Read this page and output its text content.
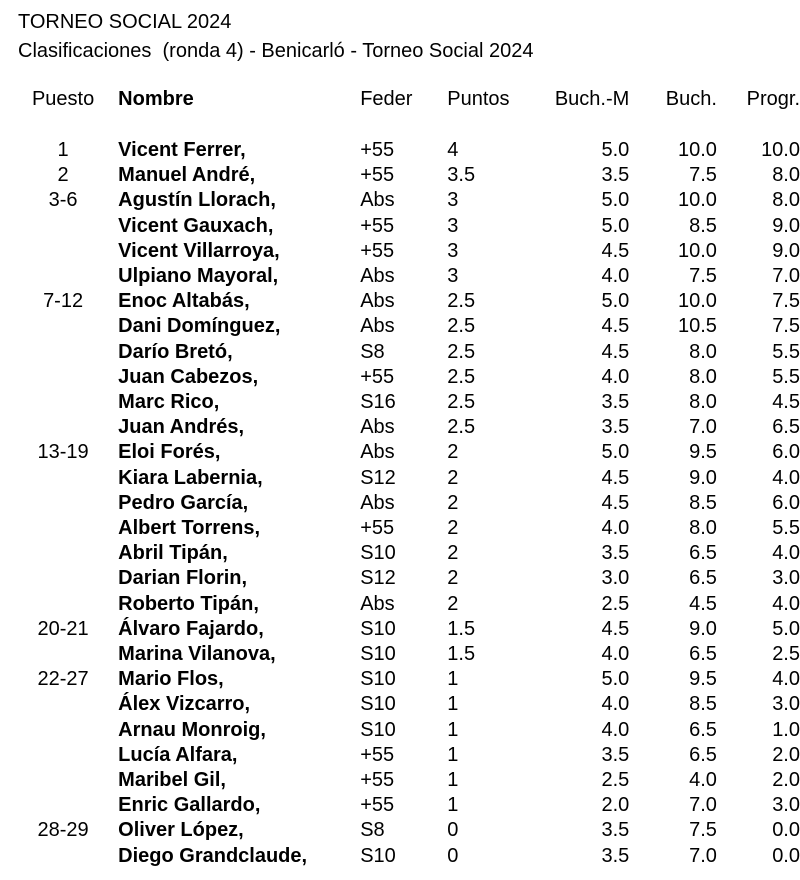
TORNEO SOCIAL 2024
Clasificaciones  (ronda 4) - Benicarló - Torneo Social 2024
Puesto	Nombre	Feder	Puntos	Buch.-M	Buch.	Progr.

1	Vicent Ferrer,	+55	4	5.0	10.0	10.0
2	Manuel André,	+55	3.5	3.5	7.5	8.0
3-6	Agustín Llorach,	Abs	3	5.0	10.0	8.0
	Vicent Gauxach,	+55	3	5.0	8.5	9.0
	Vicent Villarroya,	+55	3	4.5	10.0	9.0
	Ulpiano Mayoral,	Abs	3	4.0	7.5	7.0
7-12	Enoc Altabás,	Abs	2.5	5.0	10.0	7.5
	Dani Domínguez,	Abs	2.5	4.5	10.5	7.5
	Darío Bretó,	S8	2.5	4.5	8.0	5.5
	Juan Cabezos,	+55	2.5	4.0	8.0	5.5
	Marc Rico,	S16	2.5	3.5	8.0	4.5
	Juan Andrés,	Abs	2.5	3.5	7.0	6.5
13-19	Eloi Forés,	Abs	2	5.0	9.5	6.0
	Kiara Labernia,	S12	2	4.5	9.0	4.0
	Pedro García,	Abs	2	4.5	8.5	6.0
	Albert Torrens,	+55	2	4.0	8.0	5.5
	Abril Tipán,	S10	2	3.5	6.5	4.0
	Darian Florin,	S12	2	3.0	6.5	3.0
	Roberto Tipán,	Abs	2	2.5	4.5	4.0
20-21	Álvaro Fajardo,	S10	1.5	4.5	9.0	5.0
	Marina Vilanova,	S10	1.5	4.0	6.5	2.5
22-27	Mario Flos,	S10	1	5.0	9.5	4.0
	Álex Vizcarro,	S10	1	4.0	8.5	3.0
	Arnau Monroig,	S10	1	4.0	6.5	1.0
	Lucía Alfara,	+55	1	3.5	6.5	2.0
	Maribel Gil,	+55	1	2.5	4.0	2.0
	Enric Gallardo,	+55	1	2.0	7.0	3.0
28-29	Oliver López,	S8	0	3.5	7.5	0.0
	Diego Grandclaude,	S10	0	3.5	7.0	0.0
